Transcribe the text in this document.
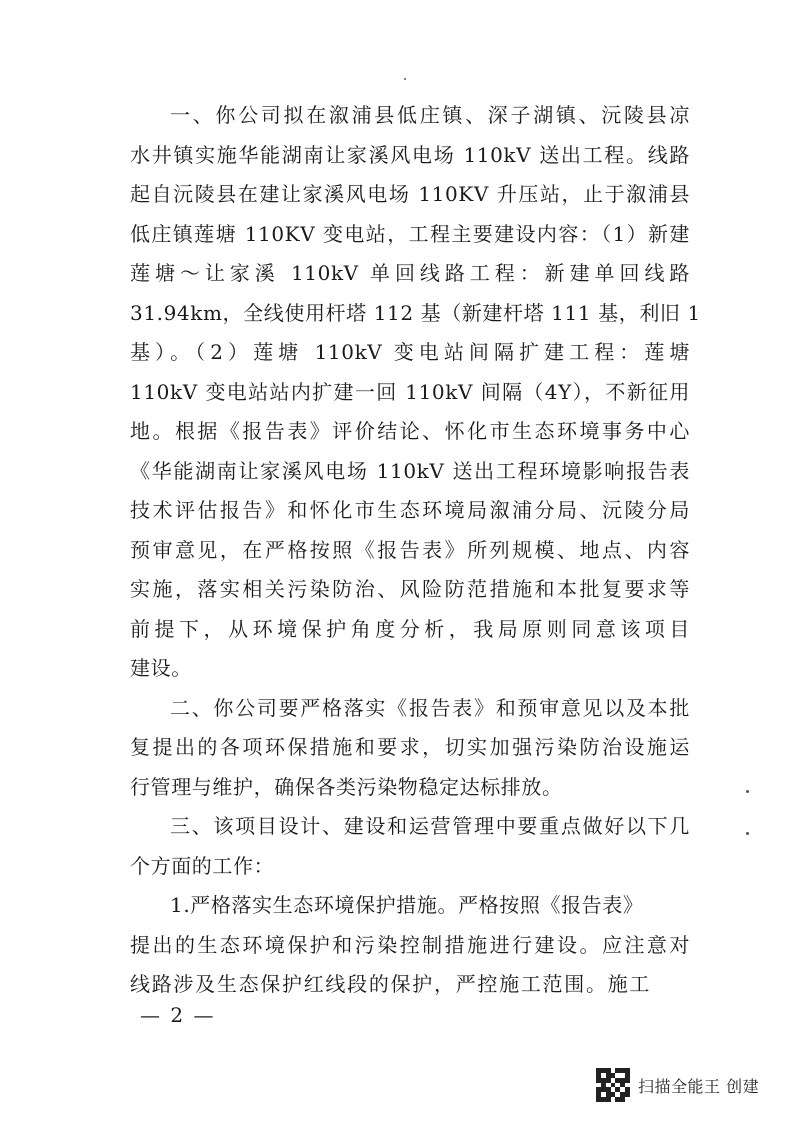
一、你公司拟在溆浦县低庄镇、深子湖镇、沅陵县凉
水井镇实施华能湖南让家溪风电场 110kV 送出工程。线路
起自沅陵县在建让家溪风电场 110KV 升压站，止于溆浦县
低庄镇莲塘 110KV 变电站，工程主要建设内容：（1）新建
莲塘～让家溪 110kV 单回线路工程：新建单回线路
31.94km，全线使用杆塔 112 基（新建杆塔 111 基，利旧 1
基）。（2）莲塘 110kV 变电站间隔扩建工程：莲塘
110kV 变电站站内扩建一回 110kV 间隔（4Y），不新征用
地。根据《报告表》评价结论、怀化市生态环境事务中心
《华能湖南让家溪风电场 110kV 送出工程环境影响报告表
技术评估报告》和怀化市生态环境局溆浦分局、沅陵分局
预审意见，在严格按照《报告表》所列规模、地点、内容
实施，落实相关污染防治、风险防范措施和本批复要求等
前提下，从环境保护角度分析，我局原则同意该项目
建设。
二、你公司要严格落实《报告表》和预审意见以及本批
复提出的各项环保措施和要求，切实加强污染防治设施运
行管理与维护，确保各类污染物稳定达标排放。
三、该项目设计、建设和运营管理中要重点做好以下几
个方面的工作：
1.严格落实生态环境保护措施。严格按照《报告表》
提出的生态环境保护和污染控制措施进行建设。应注意对
线路涉及生态保护红线段的保护，严控施工范围。施工
— 2 —
扫描全能王 创建
